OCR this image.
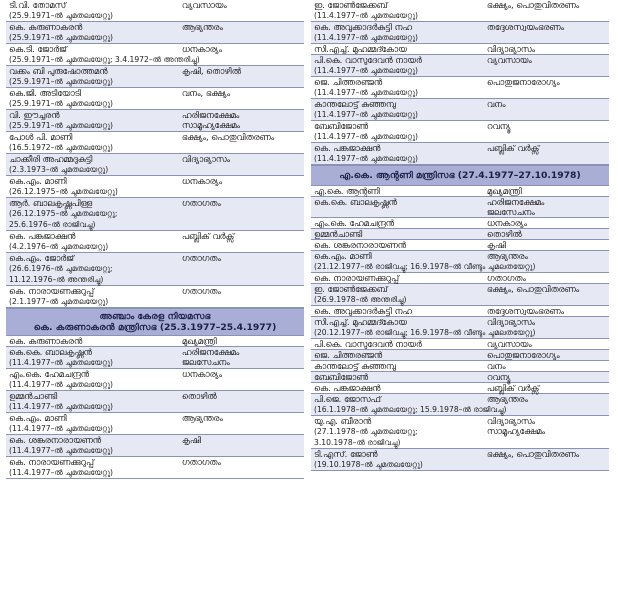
ടി.വി. തോമസ്
(25.9.1971–ൽ ചുമതലയേറ്റു)	വ്യവസായം
കെ. കരുണാകരൻ
(25.9.1971–ൽ ചുമതലയേറ്റു)	ആഭ്യന്തരം
കെ.ടി. ജോർജ്
(25.9.1971–ൽ ചുമതലയേറ്റു; 3.4.1972–ൽ അന്തരിച്ചു)	ധനകാര്യം
വക്കം ബി പുരുഷോത്തമൻ
(25.9.1971–ൽ ചുമതലയേറ്റു)	കൃഷി, തൊഴിൽ
കെ.ജി. അടിയോടി
(25.9.1971–ൽ ചുമതലയേറ്റു)	വനം, ഭക്ഷ്യം
വി. ഈച്ചരൻ
(25.9.1971–ൽ ചുമതലയേറ്റു)	ഹരിജനക്ഷേമം
സാമൂഹ്യക്ഷേമം
പോൾ പി. മാണി
(16.5.1972–ൽ ചുമതലയേറ്റു)	ഭക്ഷ്യം, പൊതുവിതരണം
ചാക്കീരി അഹമ്മദുകുട്ടി
(2.3.1973–ൽ ചുമതലയേറ്റു)	വിദ്യാഭ്യാസം
കെ.എം. മാണി
(26.12.1975–ൽ ചുമതലയേറ്റു)	ധനകാര്യം
ആർ. ബാലകൃഷ്ണപിള്ള
(26.12.1975–ൽ ചുമതലയേറ്റു;
25.6.1976–ൽ രാജിവച്ചു)	ഗതാഗതം
കെ. പങ്കജാക്ഷൻ
(4.2.1976–ൽ ചുമതലയേറ്റു)	പബ്ലിക് വർക്സ്
കെ.എം. ജോർജ്
(26.6.1976–ൽ ചുമതലയേറ്റു;
11.12.1976–ൽ അന്തരിച്ചു)	ഗതാഗതം
കെ. നാരായണക്കുറുപ്പ്
(2.1.1977–ൽ ചുമതലയേറ്റു)	ഗതാഗതം
അഞ്ചാം കേരള നിയമസഭ
കെ. കരുണാകരൻ മന്ത്രിസഭ (25.3.1977–25.4.1977)
കെ. കരുണാകരൻ	മുഖ്യമന്ത്രി
കെ.കെ. ബാലകൃഷ്ണൻ
(11.4.1977–ൽ ചുമതലയേറ്റു)	ഹരിജനക്ഷേമം
ജലസേചനം
എം.കെ. ഹേമചന്ദ്രൻ
(11.4.1977–ൽ ചുമതലയേറ്റു)	ധനകാര്യം
ഉമ്മൻചാണ്ടി
(11.4.1977–ൽ ചുമതലയേറ്റു)	തൊഴിൽ
കെ.എം. മാണി
(11.4.1977–ൽ ചുമതലയേറ്റു)	ആഭ്യന്തരം
കെ. ശങ്കരനാരായണൻ
(11.4.1977–ൽ ചുമതലയേറ്റു)	കൃഷി
കെ. നാരായണക്കുറുപ്പ്
(11.4.1977–ൽ ചുമതലയേറ്റു)	ഗതാഗതം
ഇ. ജോൺജേക്കബ്
(11.4.1977–ൽ ചുമതലയേറ്റു)	ഭക്ഷ്യം, പൊതുവിതരണം
കെ. അവുക്കാദർകുട്ടി നഹ
(11.4.1977–ൽ ചുമതലയേറ്റു)	തദ്ദേശസ്വയംഭരണം
സി.എച്ച്. മുഹമ്മദ്കോയ	വിദ്യാഭ്യാസം
പി.കെ. വാസുദേവൻ നായർ
(11.4.1977–ൽ ചുമതലയേറ്റു)	വ്യവസായം
ജെ. ചിത്തരഞ്ജൻ
(11.4.1977–ൽ ചുമതലയേറ്റു)	പൊതുജനാരോഗ്യം
കാന്തലോട്ട് കുഞ്ഞമ്പു
(11.4.1977–ൽ ചുമതലയേറ്റു)	വനം
ബേബിജോൺ
(11.4.1977–ൽ ചുമതലയേറ്റു)	റവന്യൂ
കെ. പങ്കജാക്ഷൻ
(11.4.1977–ൽ ചുമതലയേറ്റു)	പബ്ലിക് വർക്സ്
എ.കെ. ആന്റണി മന്ത്രിസഭ (27.4.1977–27.10.1978)
എ.കെ. ആന്റണി	മുഖ്യമന്ത്രി
കെ.കെ. ബാലകൃഷ്ണൻ	ഹരിജനക്ഷേമം
ജലസേചനം
എം.കെ. ഹേമചന്ദ്രൻ	ധനകാര്യം
ഉമ്മൻചാണ്ടി	തൊഴിൽ
കെ. ശങ്കരനാരായണൻ	കൃഷി
കെ.എം. മാണി
(21.12.1977–ൽ രാജിവച്ചു; 16.9.1978–ൽ വീണ്ടും ചുമലതയേറ്റു)	ആഭ്യന്തരം
കെ. നാരായണക്കുറുപ്പ്	ഗതാഗതം
ഇ. ജോൺജേക്കബ്
(26.9.1978–ൽ അന്തരിച്ചു)	ഭക്ഷ്യം, പൊതുവിതരണം
കെ. അവുക്കാദർകുട്ടി നഹ	തദ്ദേശസ്വയംഭരണം
സി.എച്ച്. മുഹമ്മദ്കോയ
(20.12.1977–ൽ രാജിവച്ചു; 16.9.1978–ൽ വീണ്ടും ചുമലതയേറ്റു)	വിദ്യാഭ്യാസം
പി.കെ. വാസുദേവൻ നായർ	വ്യവസായം
ജെ. ചിത്തരഞ്ജൻ	പൊതുജനാരോഗ്യം
കാന്തലോട്ട് കുഞ്ഞമ്പു	വനം
ബേബിജോൺ	റവന്യൂ
കെ. പങ്കജാക്ഷൻ	പബ്ലിക് വർക്സ്
പി.ജെ. ജോസഫ്
(16.1.1978–ൽ ചുമതലയേറ്റു; 15.9.1978–ൽ രാജിവച്ചു)	ആഭ്യന്തരം
യു.എ. ബീരാൻ
(27.1.1978–ൽ ചുമതലയേറ്റു;
3.10.1978–ൽ രാജിവച്ചു)	വിദ്യാഭ്യാസം
സാമൂഹ്യക്ഷേമം
ടി.എസ്. ജോൺ
(19.10.1978–ൽ ചുമതലയേറ്റു)	ഭക്ഷ്യം, പൊതുവിതരണം
